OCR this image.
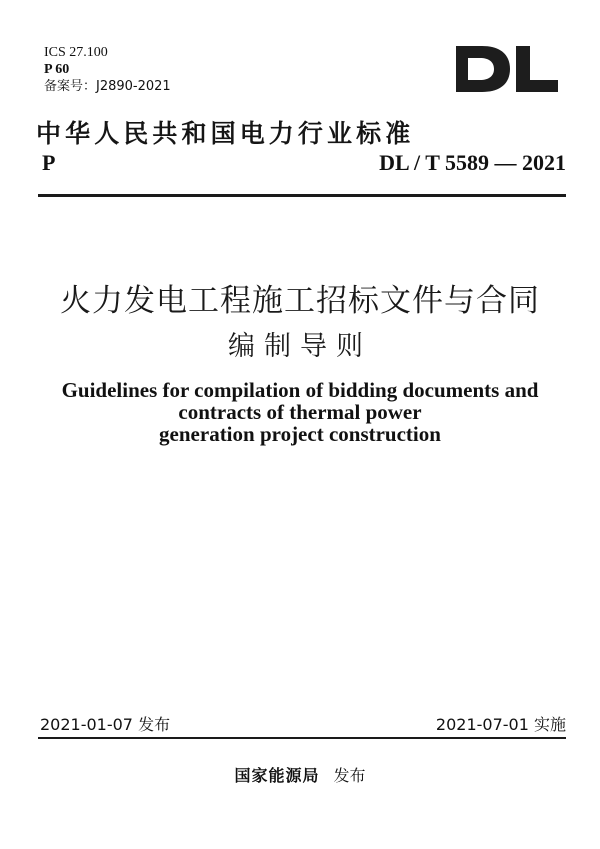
ICS 27.100
P 60
备案号：J2890-2021
中华人民共和国电力行业标准
P	DL / T 5589 — 2021
火力发电工程施工招标文件与合同
编制导则
Guidelines for compilation of bidding documents and
contracts of thermal power
generation project construction
2021-01-07 发布	2021-07-01 实施
国家能源局 发布
